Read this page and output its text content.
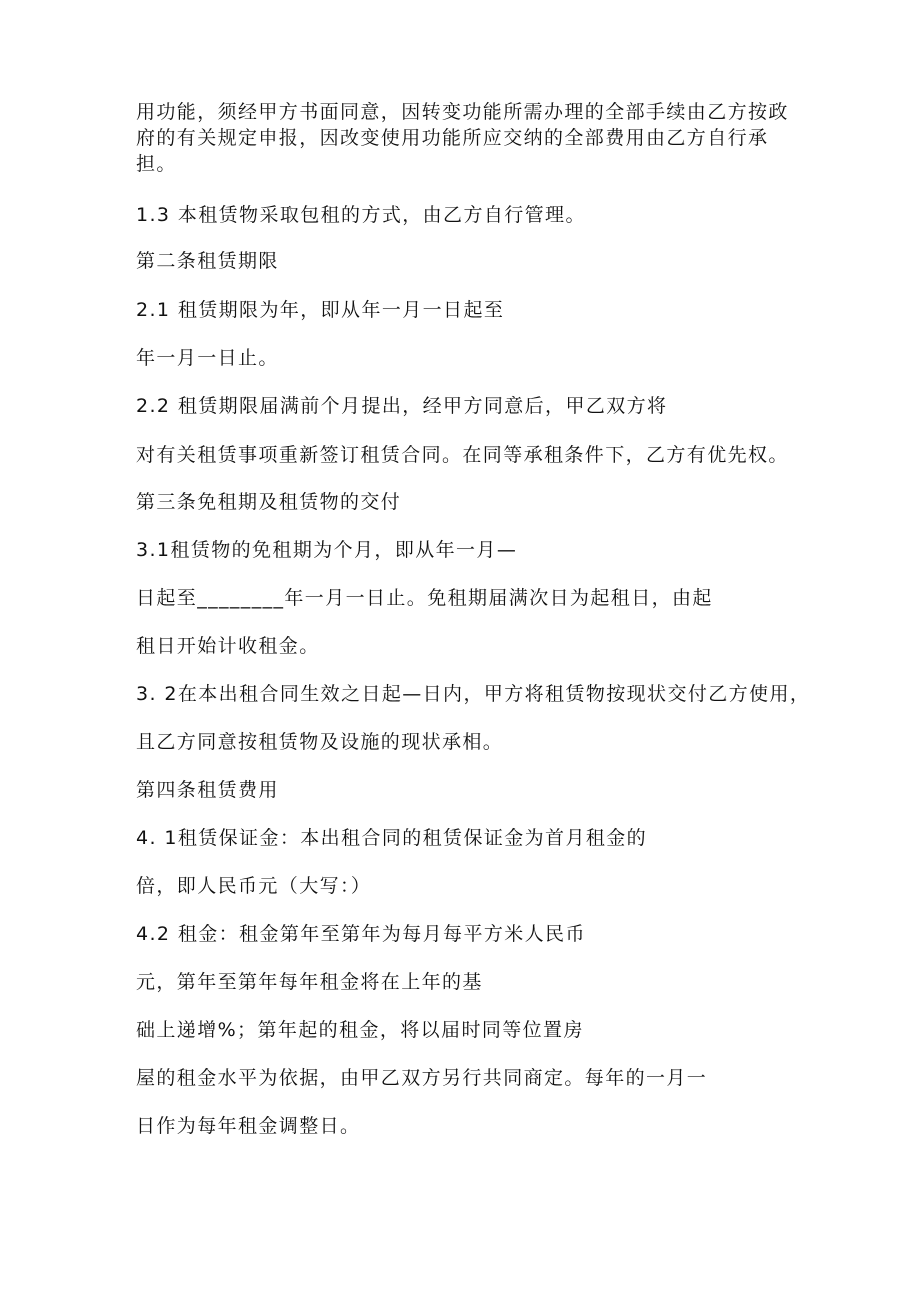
用功能，须经甲方书面同意，因转变功能所需办理的全部手续由乙方按政
府的有关规定申报，因改变使用功能所应交纳的全部费用由乙方自行承
担。

1.3 本租赁物采取包租的方式，由乙方自行管理。

第二条租赁期限

2.1 租赁期限为年，即从年一月一日起至

年一月一日止。

2.2 租赁期限届满前个月提出，经甲方同意后，甲乙双方将

对有关租赁事项重新签订租赁合同。在同等承租条件下，乙方有优先权。

第三条免租期及租赁物的交付

3.1租赁物的免租期为个月，即从年一月—

日起至________年一月一日止。免租期届满次日为起租日，由起

租日开始计收租金。

3. 2在本出租合同生效之日起—日内，甲方将租赁物按现状交付乙方使用，

且乙方同意按租赁物及设施的现状承相。

第四条租赁费用

4. 1租赁保证金：本出租合同的租赁保证金为首月租金的

倍，即人民币元（大写：）

4.2 租金：租金第年至第年为每月每平方米人民币

元，第年至第年每年租金将在上年的基

础上递增%；第年起的租金，将以届时同等位置房

屋的租金水平为依据，由甲乙双方另行共同商定。每年的一月一

日作为每年租金调整日。
